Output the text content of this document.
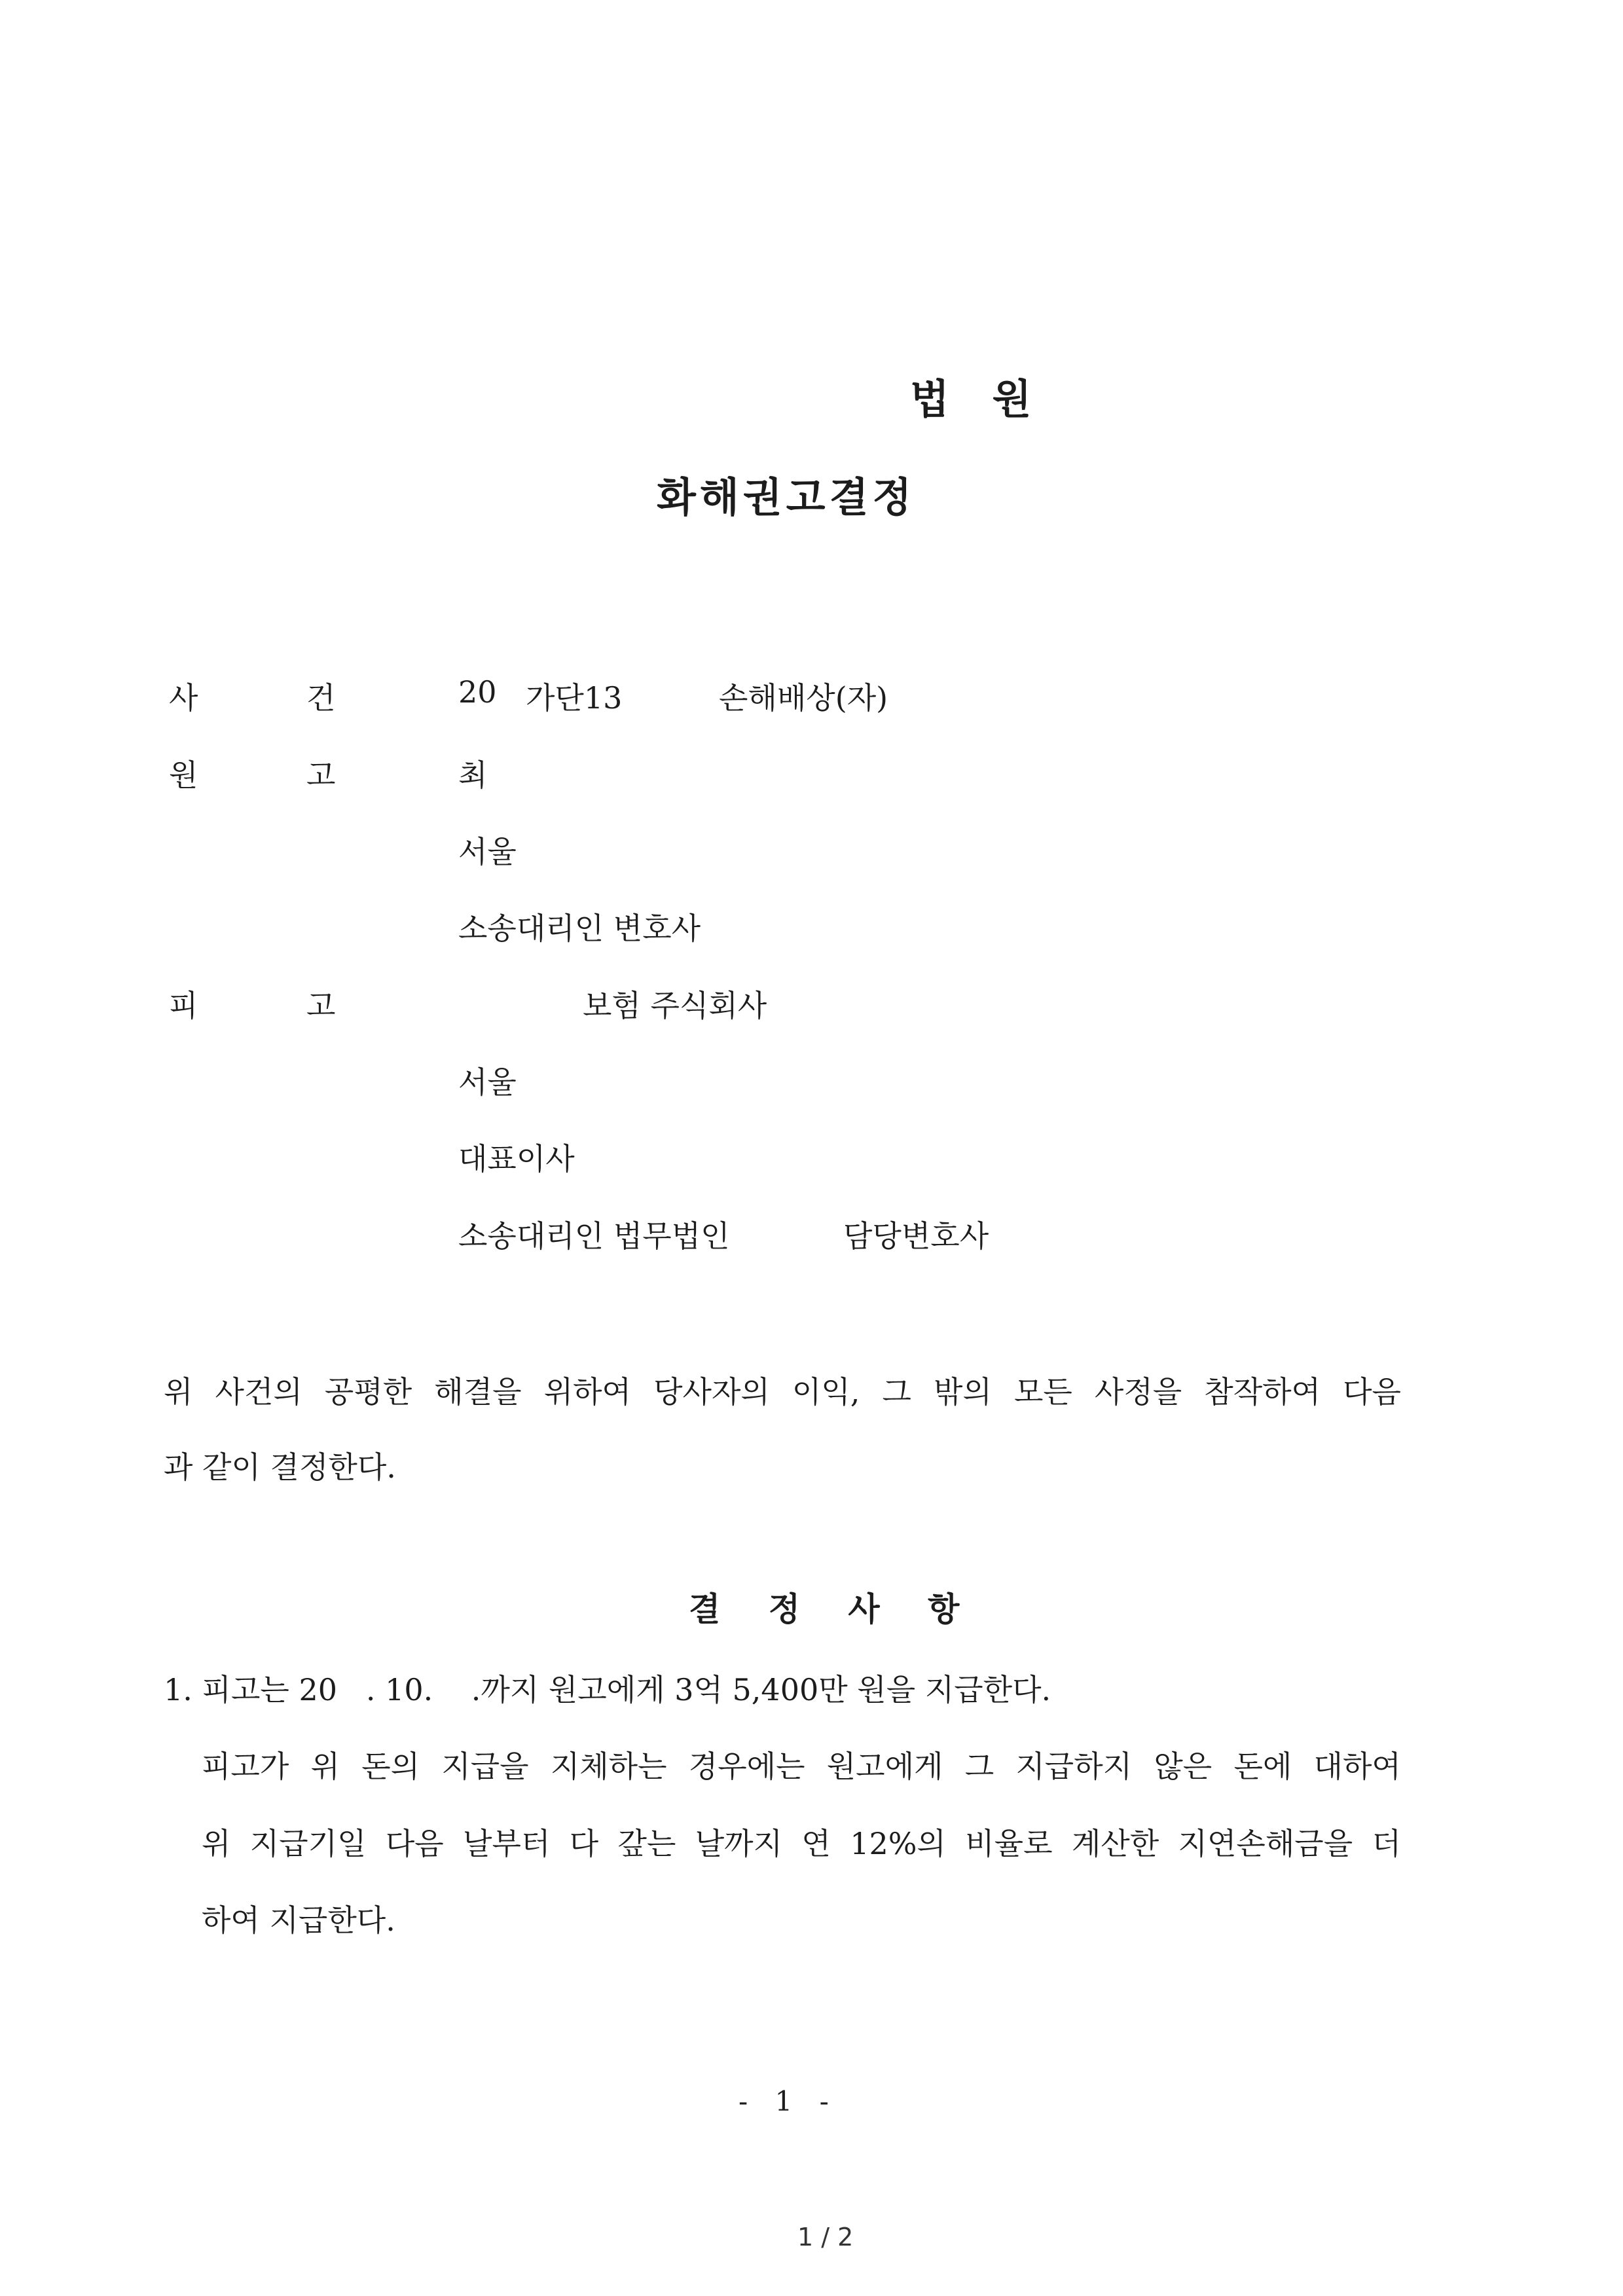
법 원
화해권고결정
사	건	20 가단13	손해배상(자)
원	고	최
서울
소송대리인 변호사
피	고	보험 주식회사
서울
대표이사
소송대리인 법무법인	담당변호사
위 사건의 공평한 해결을 위하여 당사자의 이익, 그 밖의 모든 사정을 참작하여 다음
과 같이 결정한다.
결 정 사 항
1. 피고는 20   . 10.    .까지 원고에게 3억 5,400만 원을 지급한다.
피고가 위 돈의 지급을 지체하는 경우에는 원고에게 그 지급하지 않은 돈에 대하여
위 지급기일 다음 날부터 다 갚는 날까지 연 12%의 비율로 계산한 지연손해금을 더
하여 지급한다.
- 1 -
1 / 2
